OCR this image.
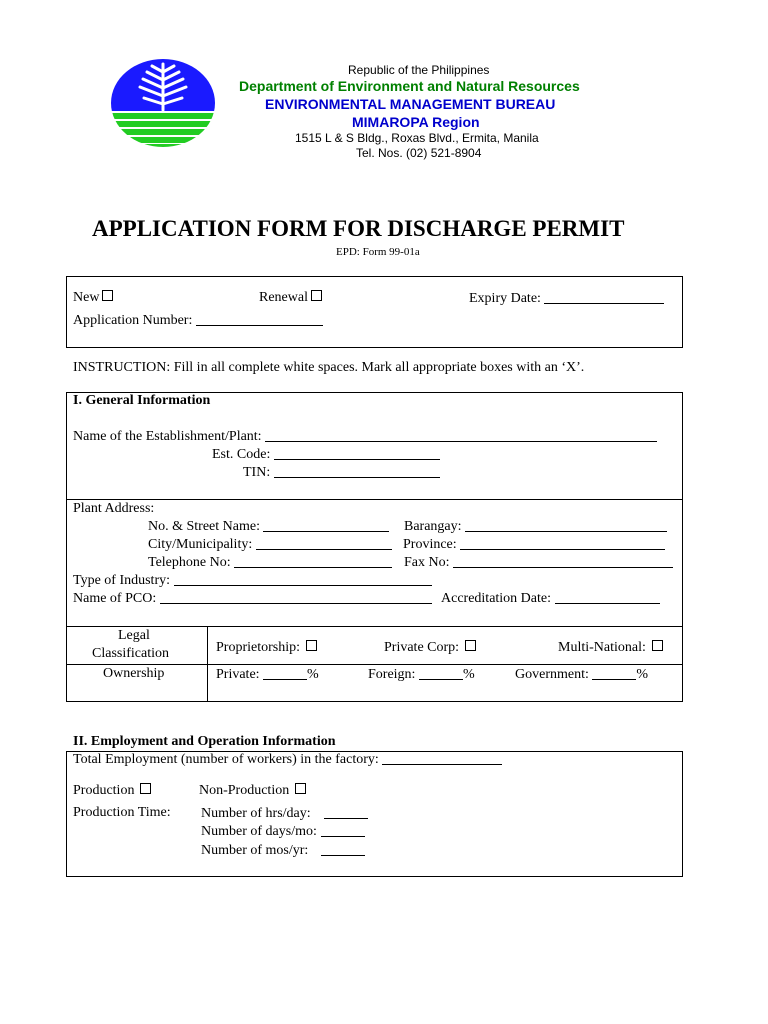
Republic of the Philippines
Department of Environment and Natural Resources
ENVIRONMENTAL MANAGEMENT BUREAU
MIMAROPA Region
1515 L & S Bldg., Roxas Blvd., Ermita, Manila
Tel. Nos. (02) 521-8904
APPLICATION FORM FOR DISCHARGE PERMIT
EPD: Form 99-01a
New	Renewal	Expiry Date:
Application Number:
INSTRUCTION: Fill in all complete white spaces. Mark all appropriate boxes with an ‘X’.
I. General Information
Name of the Establishment/Plant:
Est. Code:
TIN:
Plant Address:
No. & Street Name:	Barangay:
City/Municipality:	Province:
Telephone No:	Fax No:
Type of Industry:
Name of PCO:	Accreditation Date:
Legal
Classification	Proprietorship:	Private Corp:	Multi-National:
Ownership	Private:	%	Foreign:	%	Government:	%
II. Employment and Operation Information
Total Employment (number of workers) in the factory:
Production	Non-Production
Production Time: Number of hrs/day:
Number of days/mo:
Number of mos/yr:
